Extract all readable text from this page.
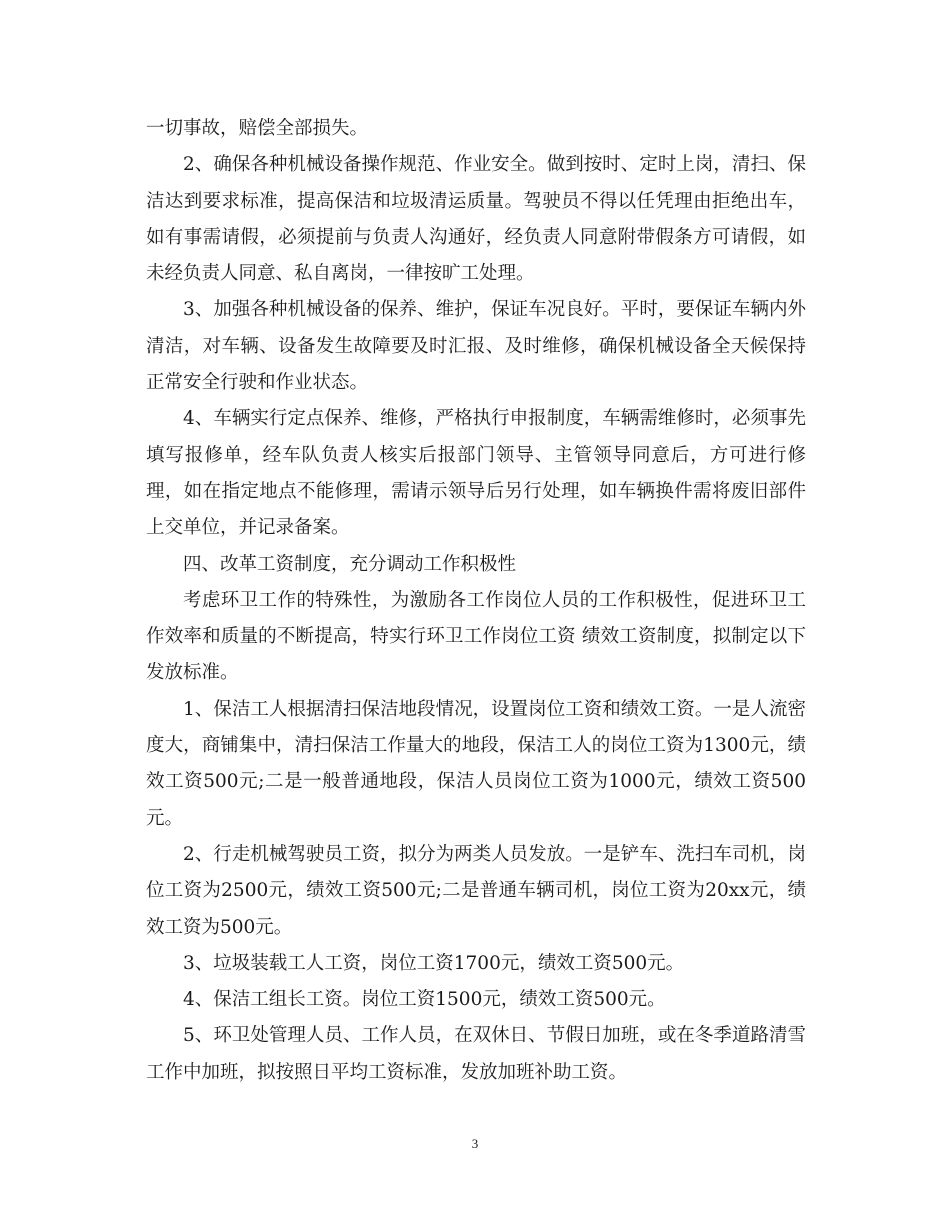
一切事故，赔偿全部损失。

2、确保各种机械设备操作规范、作业安全。做到按时、定时上岗，清扫、保洁达到要求标准，提高保洁和垃圾清运质量。驾驶员不得以任凭理由拒绝出车，如有事需请假，必须提前与负责人沟通好，经负责人同意附带假条方可请假，如未经负责人同意、私自离岗，一律按旷工处理。

3、加强各种机械设备的保养、维护，保证车况良好。平时，要保证车辆内外清洁，对车辆、设备发生故障要及时汇报、及时维修，确保机械设备全天候保持正常安全行驶和作业状态。

4、车辆实行定点保养、维修，严格执行申报制度，车辆需维修时，必须事先填写报修单，经车队负责人核实后报部门领导、主管领导同意后，方可进行修理，如在指定地点不能修理，需请示领导后另行处理，如车辆换件需将废旧部件上交单位，并记录备案。

四、改革工资制度，充分调动工作积极性

考虑环卫工作的特殊性，为激励各工作岗位人员的工作积极性，促进环卫工作效率和质量的不断提高，特实行环卫工作岗位工资 绩效工资制度，拟制定以下发放标准。

1、保洁工人根据清扫保洁地段情况，设置岗位工资和绩效工资。一是人流密度大，商铺集中，清扫保洁工作量大的地段，保洁工人的岗位工资为1300元，绩效工资500元;二是一般普通地段，保洁人员岗位工资为1000元，绩效工资500元。

2、行走机械驾驶员工资，拟分为两类人员发放。一是铲车、洗扫车司机，岗位工资为2500元，绩效工资500元;二是普通车辆司机，岗位工资为20xx元，绩效工资为500元。

3、垃圾装载工人工资，岗位工资1700元，绩效工资500元。

4、保洁工组长工资。岗位工资1500元，绩效工资500元。

5、环卫处管理人员、工作人员，在双休日、节假日加班，或在冬季道路清雪工作中加班，拟按照日平均工资标准，发放加班补助工资。

3
